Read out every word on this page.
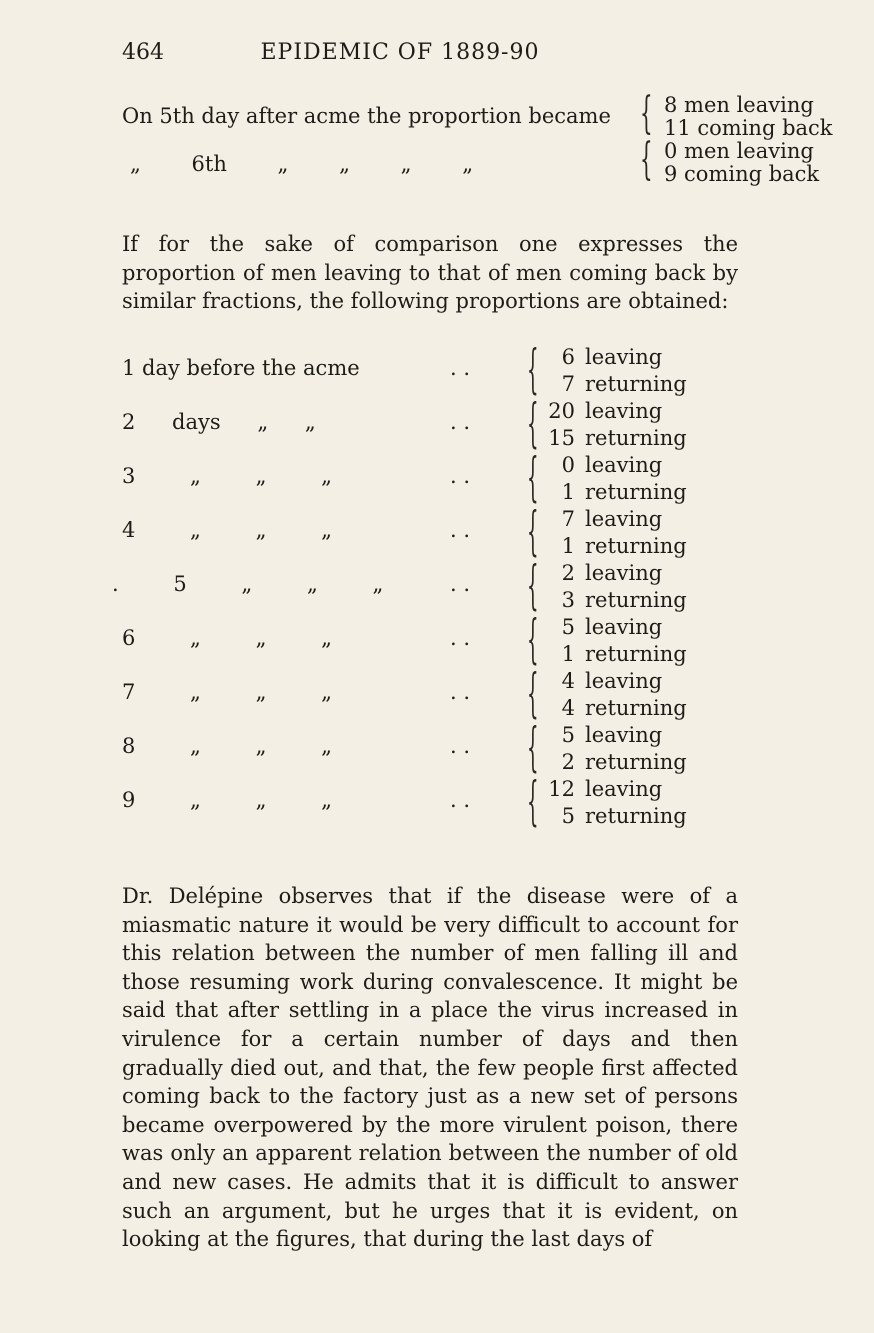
464	EPIDEMIC OF 1889-90
On 5th day after acme the proportion became { 8 men leaving
11 coming back
„ 6th „ „ „ „	{ 0 men leaving
9 coming back
If for the sake of comparison one expresses the proportion of men leaving to that of men coming back by similar fractions, the following proportions are obtained:
1 day before the acme	. . {	6 leaving
7 returning
2 days „ „	. . { 20 leaving
15 returning
3 „ „ „	. . {	0 leaving
1 returning
4 „ „ „	. . {	7 leaving
1 returning
. 5 „ „ „	. . {	2 leaving
3 returning
6 „ „ „	. . {	5 leaving
1 returning
7 „ „ „	. . {	4 leaving
4 returning
8 „ „ „	. . {	5 leaving
2 returning
9 „ „ „	. . { 12 leaving
5 returning
Dr. Delépine observes that if the disease were of a miasmatic nature it would be very difficult to account for this relation between the number of men falling ill and those resuming work during convalescence. It might be said that after settling in a place the virus increased in virulence for a certain number of days and then gradually died out, and that, the few people first affected coming back to the factory just as a new set of persons became overpowered by the more virulent poison, there was only an apparent relation between the number of old and new cases. He admits that it is difficult to answer such an argument, but he urges that it is evident, on looking at the figures, that during the last days of
